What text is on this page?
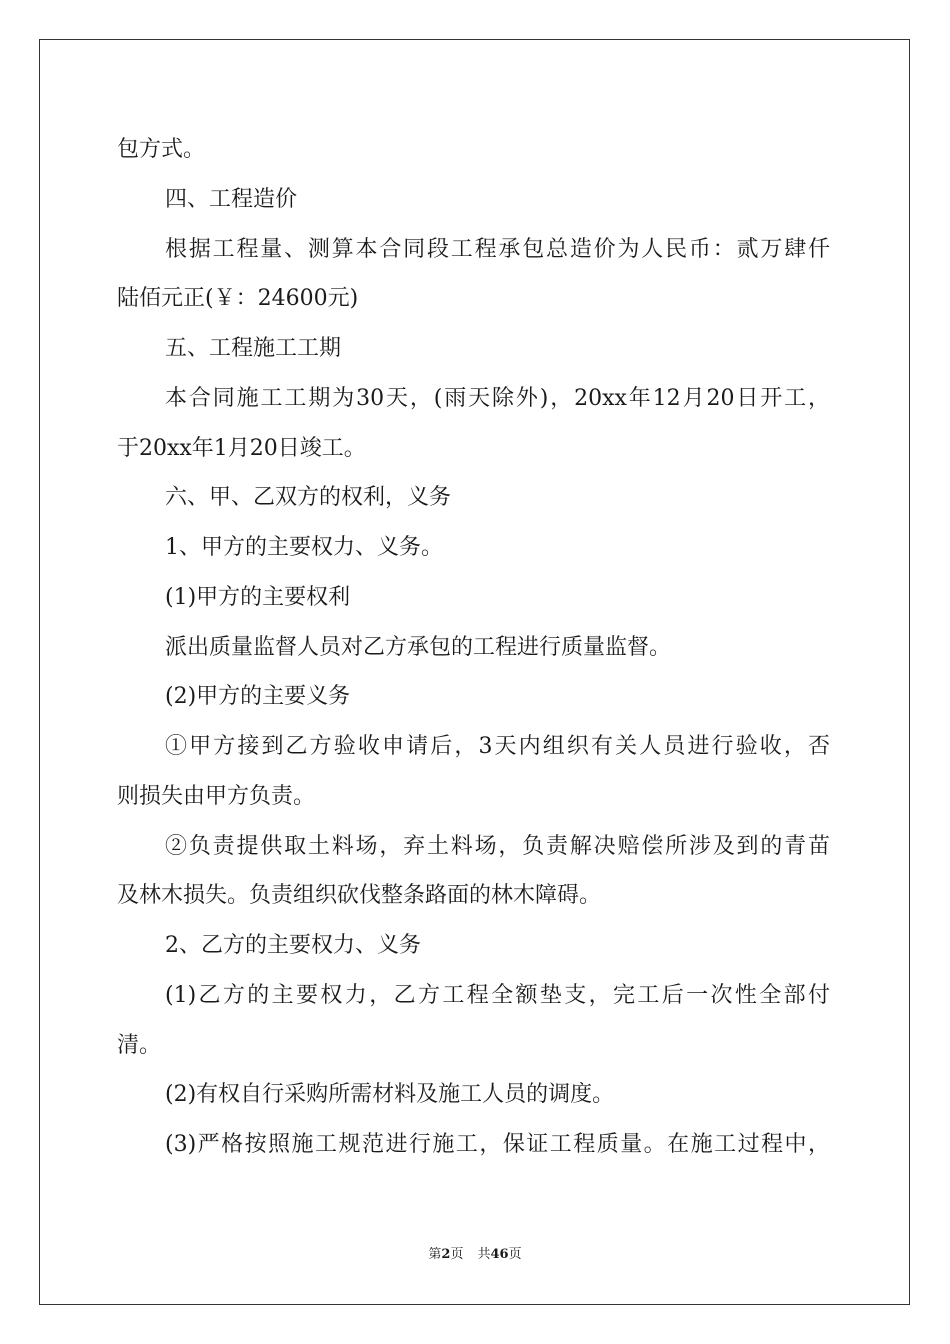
包方式。
四、工程造价
根据工程量、测算本合同段工程承包总造价为人民币：贰万肆仟
陆佰元正(￥：24600元)
五、工程施工工期
本合同施工工期为30天，(雨天除外)，20xx年12月20日开工，
于20xx年1月20日竣工。
六、甲、乙双方的权利，义务
1、甲方的主要权力、义务。
(1)甲方的主要权利
派出质量监督人员对乙方承包的工程进行质量监督。
(2)甲方的主要义务
①甲方接到乙方验收申请后，3天内组织有关人员进行验收，否
则损失由甲方负责。
②负责提供取土料场，弃土料场，负责解决赔偿所涉及到的青苗
及林木损失。负责组织砍伐整条路面的林木障碍。
2、乙方的主要权力、义务
(1)乙方的主要权力，乙方工程全额垫支，完工后一次性全部付
清。
(2)有权自行采购所需材料及施工人员的调度。
(3)严格按照施工规范进行施工，保证工程质量。在施工过程中，
第2页 共46页
